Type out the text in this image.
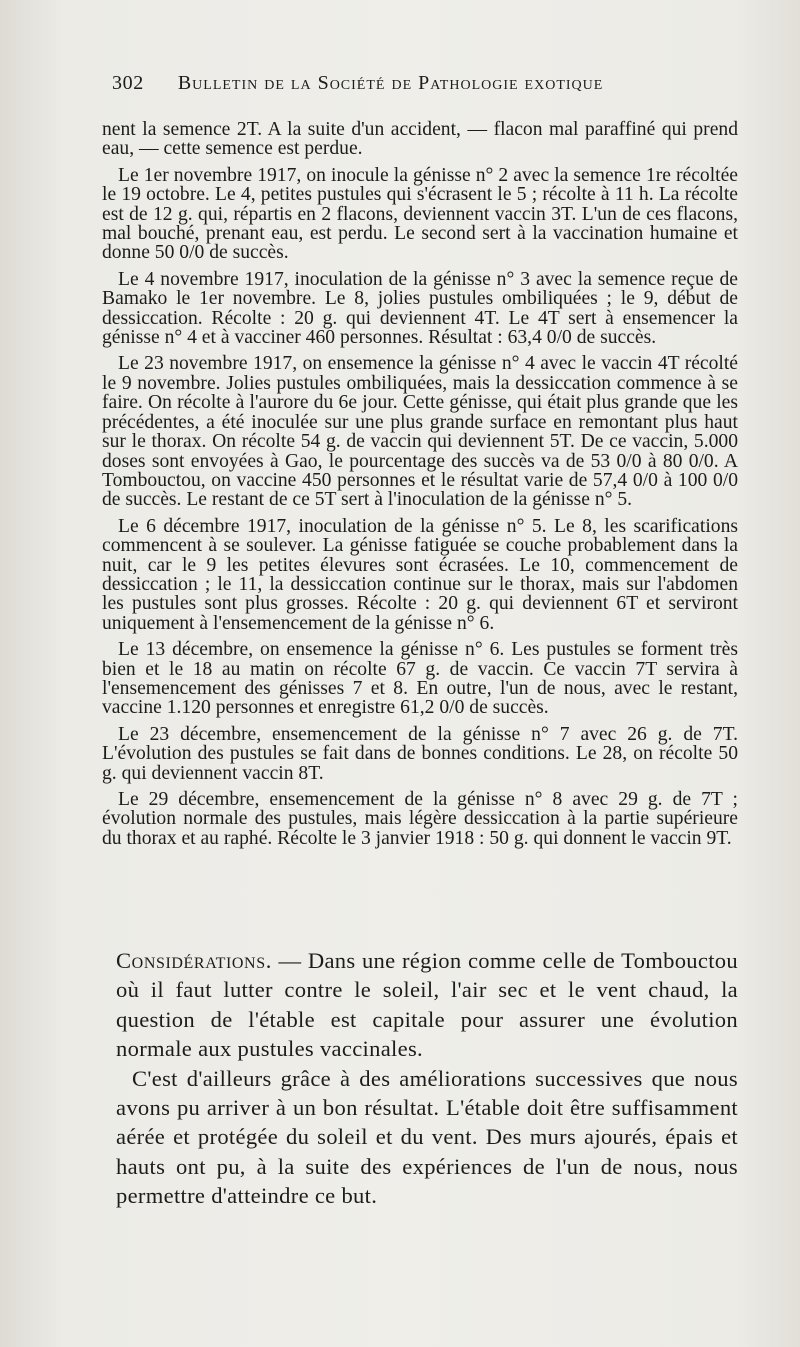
302 Bulletin de la Société de Pathologie exotique

nent la semence 2T. A la suite d'un accident, — flacon mal paraffiné qui prend eau, — cette semence est perdue.

Le 1er novembre 1917, on inocule la génisse n° 2 avec la semence 1re récoltée le 19 octobre. Le 4, petites pustules qui s'écrasent le 5 ; récolte à 11 h. La récolte est de 12 g. qui, répartis en 2 flacons, deviennent vaccin 3T. L'un de ces flacons, mal bouché, prenant eau, est perdu. Le second sert à la vaccination humaine et donne 50 0/0 de succès.

Le 4 novembre 1917, inoculation de la génisse n° 3 avec la semence reçue de Bamako le 1er novembre. Le 8, jolies pustules ombiliquées ; le 9, début de dessiccation. Récolte : 20 g. qui deviennent 4T. Le 4T sert à ensemencer la génisse n° 4 et à vacciner 460 personnes. Résultat : 63,4 0/0 de succès.

Le 23 novembre 1917, on ensemence la génisse n° 4 avec le vaccin 4T récolté le 9 novembre. Jolies pustules ombiliquées, mais la dessiccation commence à se faire. On récolte à l'aurore du 6e jour. Cette génisse, qui était plus grande que les précédentes, a été inoculée sur une plus grande surface en remontant plus haut sur le thorax. On récolte 54 g. de vaccin qui deviennent 5T. De ce vaccin, 5.000 doses sont envoyées à Gao, le pourcentage des succès va de 53 0/0 à 80 0/0. A Tombouctou, on vaccine 450 personnes et le résultat varie de 57,4 0/0 à 100 0/0 de succès. Le restant de ce 5T sert à l'inoculation de la génisse n° 5.

Le 6 décembre 1917, inoculation de la génisse n° 5. Le 8, les scarifications commencent à se soulever. La génisse fatiguée se couche probablement dans la nuit, car le 9 les petites élevures sont écrasées. Le 10, commencement de dessiccation ; le 11, la dessiccation continue sur le thorax, mais sur l'abdomen les pustules sont plus grosses. Récolte : 20 g. qui deviennent 6T et serviront uniquement à l'ensemencement de la génisse n° 6.

Le 13 décembre, on ensemence la génisse n° 6. Les pustules se forment très bien et le 18 au matin on récolte 67 g. de vaccin. Ce vaccin 7T servira à l'ensemencement des génisses 7 et 8. En outre, l'un de nous, avec le restant, vaccine 1.120 personnes et enregistre 61,2 0/0 de succès.

Le 23 décembre, ensemencement de la génisse n° 7 avec 26 g. de 7T. L'évolution des pustules se fait dans de bonnes conditions. Le 28, on récolte 50 g. qui deviennent vaccin 8T.

Le 29 décembre, ensemencement de la génisse n° 8 avec 29 g. de 7T ; évolution normale des pustules, mais légère dessiccation à la partie supérieure du thorax et au raphé. Récolte le 3 janvier 1918 : 50 g. qui donnent le vaccin 9T.

Considérations. — Dans une région comme celle de Tombouctou où il faut lutter contre le soleil, l'air sec et le vent chaud, la question de l'étable est capitale pour assurer une évolution normale aux pustules vaccinales.

C'est d'ailleurs grâce à des améliorations successives que nous avons pu arriver à un bon résultat. L'étable doit être suffisamment aérée et protégée du soleil et du vent. Des murs ajourés, épais et hauts ont pu, à la suite des expériences de l'un de nous, nous permettre d'atteindre ce but.
